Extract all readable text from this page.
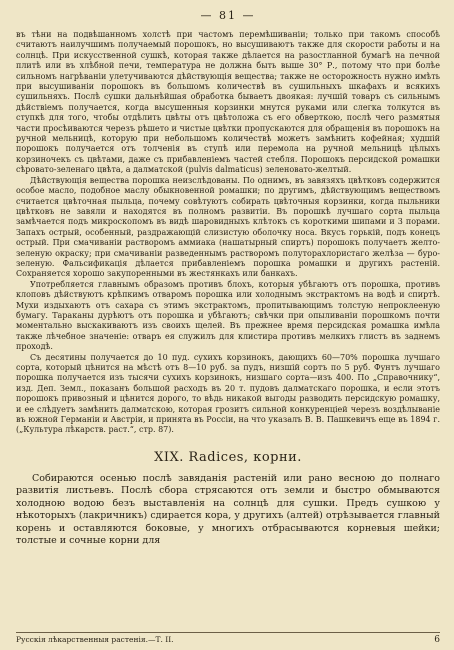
— 81 —

въ тѣни на подвѣшанномъ холстѣ при частомъ перемѣшиваніи; только при такомъ способѣ считаютъ наилучшимъ получаемый порошокъ, но высушиваютъ также для скорости работы и на солнцѣ. При искусственной сушкѣ, которая также дѣлается на разостланной бумагѣ на печной плитѣ или въ хлѣбной печи, температура не должна быть выше 30° Р., потому что при болѣе сильномъ нагрѣваніи улетучиваются дѣйствующія вещества; также не осторожность нужно имѣть при высушиваніи порошокъ въ большомъ количествѣ въ сушильныхъ шкафахъ и всякихъ сушильняхъ. Послѣ сушки дальнѣйшая обработка бываетъ двоякая: лучшій товаръ съ сильнымъ дѣйствіемъ получается, когда высушенныя корзинки мнутся руками или слегка толкутся въ ступкѣ для того, чтобы отдѣлить цвѣты отъ цвѣтоложа съ его обверткою, послѣ чего размятыя части просѣиваются черезъ рѣшето и чистые цвѣтки пропускаются для обращенія въ порошокъ на ручной мельницѣ, которую при небольшомъ количествѣ можетъ замѣнить кофейная; худшій порошокъ получается отъ толченія въ ступѣ или перемола на ручной мельницѣ цѣлыхъ корзиночекъ съ цвѣтами, даже съ прибавленіемъ частей стебля. Порошокъ персидской ромашки сѣровато-зеленаго цвѣта, а далматской (pulvis dalmaticus) зеленовато-желтый.

Дѣйствующія вещества порошка неизслѣдованы. По однимъ, въ завязяхъ цвѣтковъ содержится особое масло, подобное маслу обыкновенной ромашки; по другимъ, дѣйствующимъ веществомъ считается цвѣточная пыльца, почему совѣтуютъ собирать цвѣточныя корзинки, когда пыльники цвѣтковъ не завяли и находятся въ полномъ развитіи. Въ порошкѣ лучшаго сорта пыльца замѣчается подъ микроскопомъ въ видѣ шаровидныхъ клѣтокъ съ короткими шипами и 3 порами. Запахъ острый, особенный, раздражающій слизистую оболочку носа. Вкусъ горькій, подъ конецъ острый. При смачиваніи растворомъ аммиака (нашатырный спиртъ) порошокъ получаетъ желто-зеленую окраску; при смачиваніи разведеннымъ растворомъ полуторахлористаго желѣза — буро-зеленую. Фальсификація дѣлается прибавленіемъ порошка ромашки и другихъ растеній. Сохраняется хорошо закупоренными въ жестянкахъ или банкахъ.

Употребляется главнымъ образомъ противъ блохъ, которыя убѣгаютъ отъ порошка, противъ клоповъ дѣйствуютъ крѣпкимъ отваромъ порошка или холоднымъ экстрактомъ на водѣ и спиртѣ. Мухи издыхаютъ отъ сахара съ этимъ экстрактомъ, пропитывающимъ толстую непроклееную бумагу. Тараканы дурѣютъ отъ порошка и убѣгаютъ; свѣчки при опыливаніи порошкомъ почти моментально выскакиваютъ изъ своихъ щелей. Въ прежнее время персидская ромашка имѣла также лѣчебное значеніе: отваръ ея служилъ для клистира противъ мелкихъ глистъ въ заднемъ проходѣ.

Съ десятины получается до 10 пуд. сухихъ корзинокъ, дающихъ 60—70% порошка лучшаго сорта, который цѣнится на мѣстѣ отъ 8—10 руб. за пудъ, низшій сортъ по 5 руб. Фунтъ лучшаго порошка получается изъ тысячи сухихъ корзинокъ, низшаго сорта—изъ 400. По „Справочнику“, изд. Деп. Земл., показанъ большой расходъ въ 20 т. пудовъ далматскаго порошка, и если этотъ порошокъ привозный и цѣнится дорого, то вѣдь никакой выгоды разводить персидскую ромашку, и ее слѣдуетъ замѣнить далматскою, которая грозитъ сильной конкуренціей черезъ воздѣлываніе въ южной Германіи и Австріи, и принята въ Россіи, на что указалъ В. В. Пашкевичъ еще въ 1894 г. („Культура лѣкарств. раст.“, стр. 87).

XIX. Radices, корни.

Собираются осенью послѣ завяданія растеній или рано весною до полнаго развитія листьевъ. Послѣ сбора стрясаются отъ земли и быстро обмываются холодною водою безъ выставленія на солнцѣ для сушки. Предъ сушкою у нѣкоторыхъ (лакричникъ) сдирается кора, у другихъ (алтей) отрѣзывается главный корень и оставляются боковые, у многихъ отбрасываются корневыя шейки; толстые и сочные корни для

Русскія лѣкарственныя растенія.—Т. II.	6
